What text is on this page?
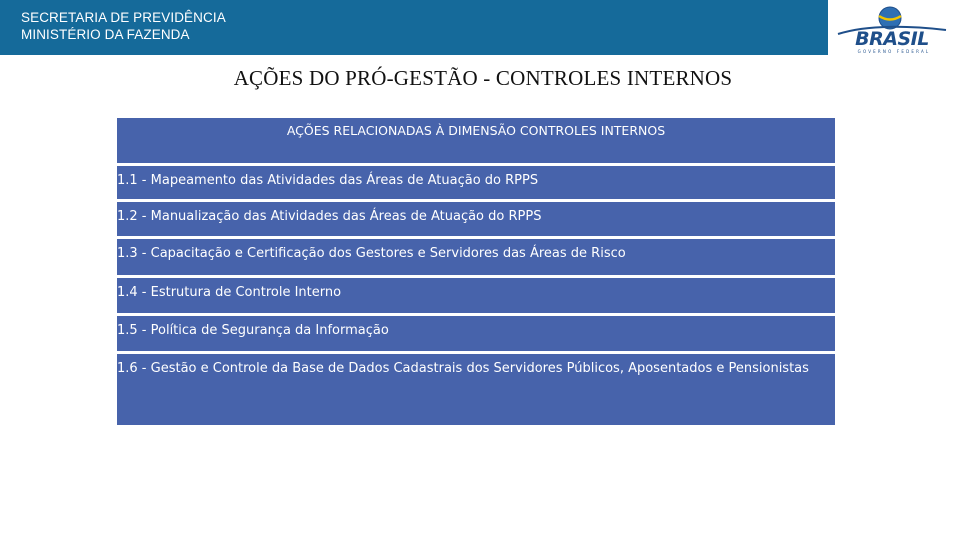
SECRETARIA DE PREVIDÊNCIA
MINISTÉRIO DA FAZENDA	BRASIL
GOVERNO FEDERAL
AÇÕES DO PRÓ-GESTÃO - CONTROLES INTERNOS
AÇÕES RELACIONADAS À DIMENSÃO CONTROLES INTERNOS
1.1 - Mapeamento das Atividades das Áreas de Atuação do RPPS
1.2 - Manualização das Atividades das Áreas de Atuação do RPPS
1.3 - Capacitação e Certificação dos Gestores e Servidores das Áreas de Risco
1.4 - Estrutura de Controle Interno
1.5 - Política de Segurança da Informação
1.6 - Gestão e Controle da Base de Dados Cadastrais dos Servidores Públicos, Aposentados e Pensionistas
